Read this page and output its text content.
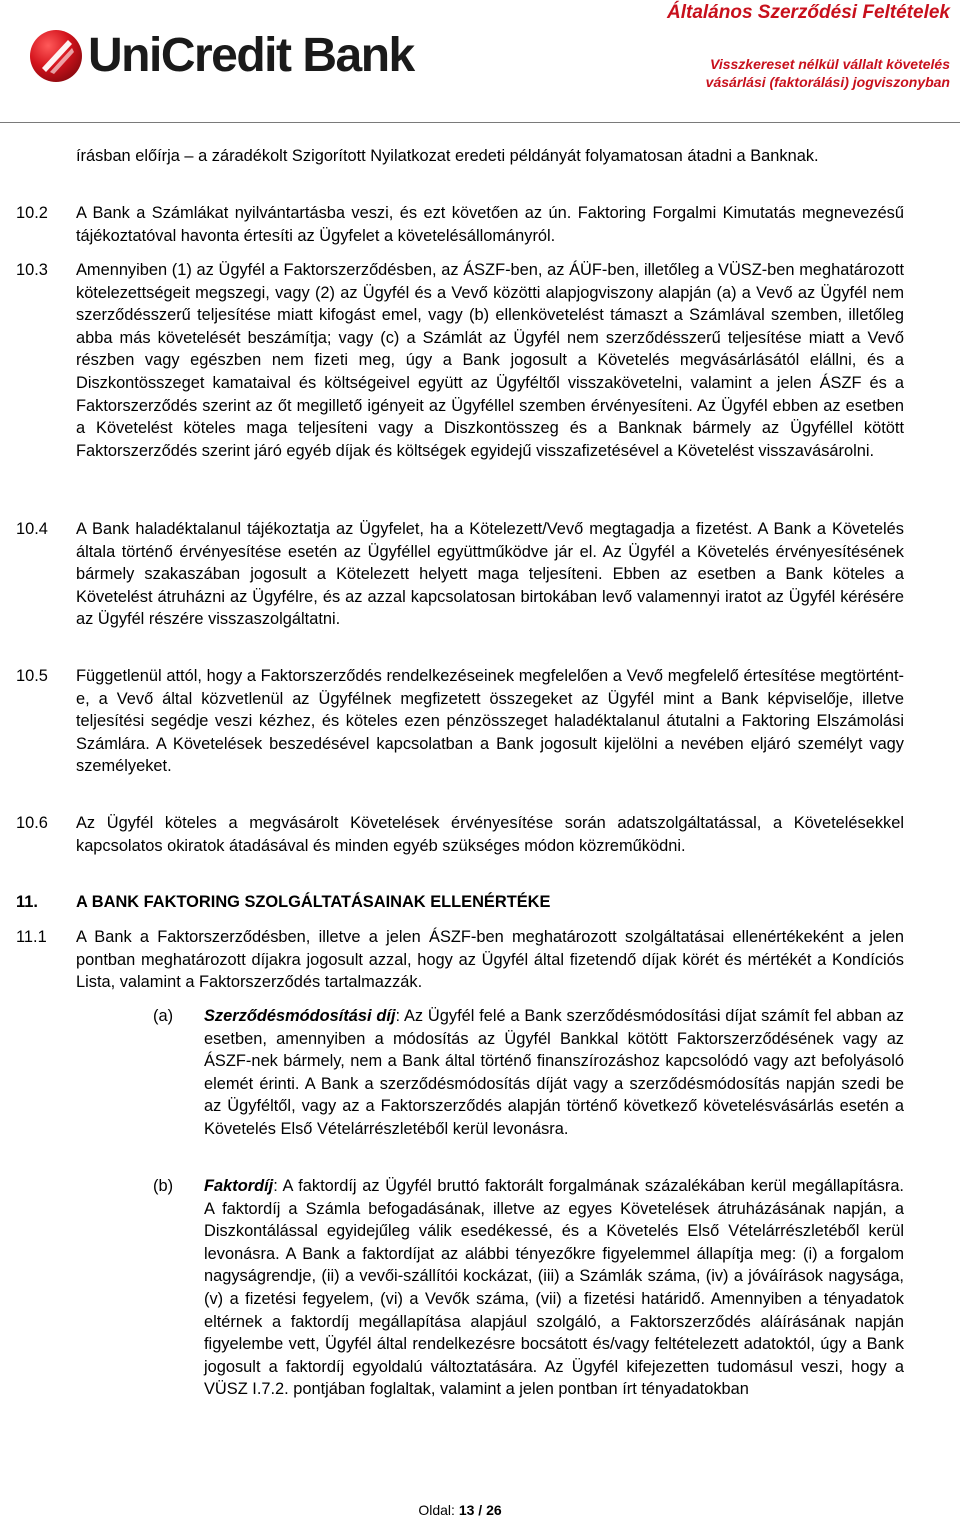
UniCredit Bank
Általános Szerződési Feltételek
Visszkereset nélkül vállalt követelés vásárlási (faktorálási) jogviszonyban
írásban előírja – a záradékolt Szigorított Nyilatkozat eredeti példányát folyamatosan átadni a Banknak.
10.2 A Bank a Számlákat nyilvántartásba veszi, és ezt követően az ún. Faktoring Forgalmi Kimutatás megnevezésű tájékoztatóval havonta értesíti az Ügyfelet a követelésállományról.
10.3 Amennyiben (1) az Ügyfél a Faktorszerződésben, az ÁSZF-ben, az ÁÜF-ben, illetőleg a VÜSZ-ben meghatározott kötelezettségeit megszegi, vagy (2) az Ügyfél és a Vevő közötti alapjogviszony alapján (a) a Vevő az Ügyfél nem szerződésszerű teljesítése miatt kifogást emel, vagy (b) ellenkövetelést támaszt a Számlával szemben, illetőleg abba más követelését beszámítja; vagy (c) a Számlát az Ügyfél nem szerződésszerű teljesítése miatt a Vevő részben vagy egészben nem fizeti meg, úgy a Bank jogosult a Követelés megvásárlásától elállni, és a Diszkontösszeget kamataival és költségeivel együtt az Ügyféltől visszakövetelni, valamint a jelen ÁSZF és a Faktorszerződés szerint az őt megillető igényeit az Ügyféllel szemben érvényesíteni. Az Ügyfél ebben az esetben a Követelést köteles maga teljesíteni vagy a Diszkontösszeg és a Banknak bármely az Ügyféllel kötött Faktorszerződés szerint járó egyéb díjak és költségek egyidejű visszafizetésével a Követelést visszavásárolni.
10.4 A Bank haladéktalanul tájékoztatja az Ügyfelet, ha a Kötelezett/Vevő megtagadja a fizetést. A Bank a Követelés általa történő érvényesítése esetén az Ügyféllel együttműködve jár el. Az Ügyfél a Követelés érvényesítésének bármely szakaszában jogosult a Kötelezett helyett maga teljesíteni. Ebben az esetben a Bank köteles a Követelést átruházni az Ügyfélre, és az azzal kapcsolatosan birtokában levő valamennyi iratot az Ügyfél kérésére az Ügyfél részére visszaszolgáltatni.
10.5 Függetlenül attól, hogy a Faktorszerződés rendelkezéseinek megfelelően a Vevő megfelelő értesítése megtörtént-e, a Vevő által közvetlenül az Ügyfélnek megfizetett összegeket az Ügyfél mint a Bank képviselője, illetve teljesítési segédje veszi kézhez, és köteles ezen pénzösszeget haladéktalanul átutalni a Faktoring Elszámolási Számlára. A Követelések beszedésével kapcsolatban a Bank jogosult kijelölni a nevében eljáró személyt vagy személyeket.
10.6 Az Ügyfél köteles a megvásárolt Követelések érvényesítése során adatszolgáltatással, a Követelésekkel kapcsolatos okiratok átadásával és minden egyéb szükséges módon közreműködni.
11. A BANK FAKTORING SZOLGÁLTATÁSAINAK ELLENÉRTÉKE
11.1 A Bank a Faktorszerződésben, illetve a jelen ÁSZF-ben meghatározott szolgáltatásai ellenértékeként a jelen pontban meghatározott díjakra jogosult azzal, hogy az Ügyfél által fizetendő díjak körét és mértékét a Kondíciós Lista, valamint a Faktorszerződés tartalmazzák.
(a) Szerződésmódosítási díj: Az Ügyfél felé a Bank szerződésmódosítási díjat számít fel abban az esetben, amennyiben a módosítás az Ügyfél Bankkal kötött Faktorszerződésének vagy az ÁSZF-nek bármely, nem a Bank által történő finanszírozáshoz kapcsolódó vagy azt befolyásoló elemét érinti. A Bank a szerződésmódosítás díját vagy a szerződésmódosítás napján szedi be az Ügyféltől, vagy az a Faktorszerződés alapján történő következő követelésvásárlás esetén a Követelés Első Vételárrészletéből kerül levonásra.
(b) Faktordíj: A faktordíj az Ügyfél bruttó faktorált forgalmának százalékában kerül megállapításra. A faktordíj a Számla befogadásának, illetve az egyes Követelések átruházásának napján, a Diszkontálással egyidejűleg válik esedékessé, és a Követelés Első Vételárrészletéből kerül levonásra. A Bank a faktordíjat az alábbi tényezőkre figyelemmel állapítja meg: (i) a forgalom nagyságrendje, (ii) a vevői-szállítói kockázat, (iii) a Számlák száma, (iv) a jóváírások nagysága, (v) a fizetési fegyelem, (vi) a Vevők száma, (vii) a fizetési határidő. Amennyiben a tényadatok eltérnek a faktordíj megállapítása alapjául szolgáló, a Faktorszerződés aláírásának napján figyelembe vett, Ügyfél által rendelkezésre bocsátott és/vagy feltételezett adatoktól, úgy a Bank jogosult a faktordíj egyoldalú változtatására. Az Ügyfél kifejezetten tudomásul veszi, hogy a VÜSZ I.7.2. pontjában foglaltak, valamint a jelen pontban írt tényadatokban
Oldal: 13 / 26
